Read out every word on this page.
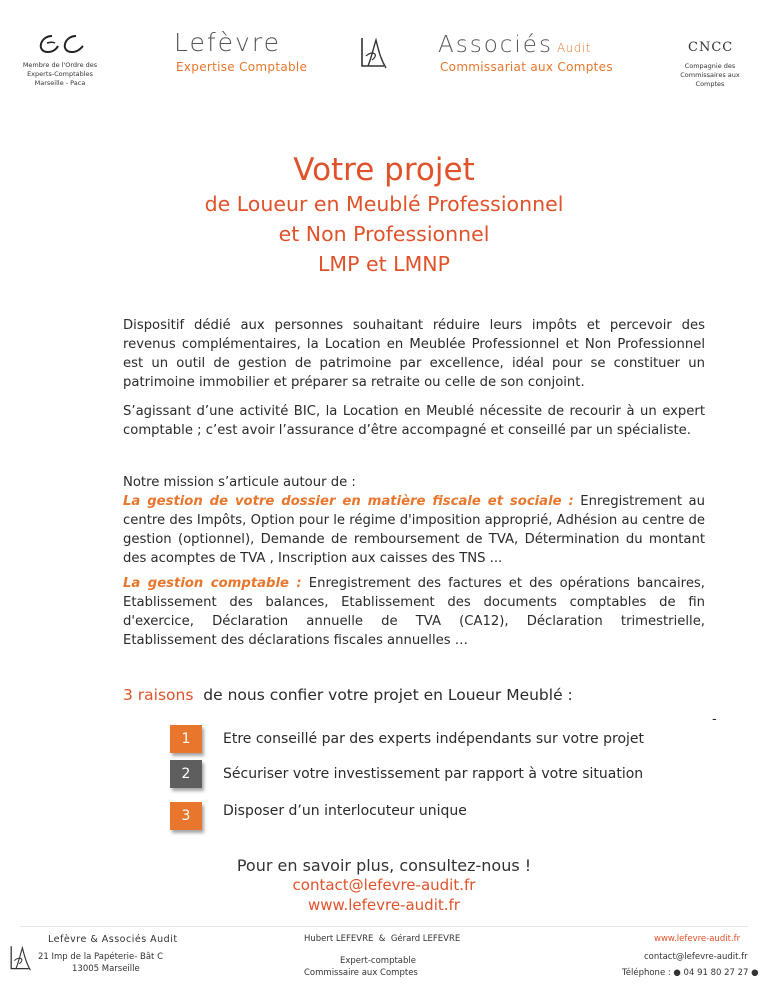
Membre de l'Ordre des
Experts-Comptables
Marseille - Paca
Lefèvre
Expertise Comptable
Associés Audit
Commissariat aux Comptes
CNCC
Compagnie des
Commissaires aux
Comptes
Votre projet
de Loueur en Meublé Professionnel
et Non Professionnel
LMP et LMNP
Dispositif dédié aux personnes souhaitant réduire leurs impôts et percevoir des revenus complémentaires, la Location en Meublée Professionnel et Non Professionnel est un outil de gestion de patrimoine par excellence, idéal pour se constituer un patrimoine immobilier et préparer sa retraite ou celle de son conjoint.
S’agissant d’une activité BIC, la Location en Meublé nécessite de recourir à un expert comptable ; c’est avoir l’assurance d’être accompagné et conseillé par un spécialiste.
Notre mission s’articule autour de :
La gestion de votre dossier en matière fiscale et sociale : Enregistrement au centre des Impôts, Option pour le régime d'imposition approprié, Adhésion au centre de gestion (optionnel), Demande de remboursement de TVA, Détermination du montant des acomptes de TVA , Inscription aux caisses des TNS ...
La gestion comptable : Enregistrement des factures et des opérations bancaires, Etablissement des balances, Etablissement des documents comptables de fin d'exercice, Déclaration annuelle de TVA (CA12), Déclaration trimestrielle, Etablissement des déclarations fiscales annuelles …
3 raisons  de nous confier votre projet en Loueur Meublé :
-
1	Etre conseillé par des experts indépendants sur votre projet
2	Sécuriser votre investissement par rapport à votre situation
3	Disposer d’un interlocuteur unique
Pour en savoir plus, consultez-nous !
contact@lefevre-audit.fr
www.lefevre-audit.fr
Lefèvre & Associés Audit
21 Imp de la Papéterie- Bât C
13005 Marseille
Hubert LEFEVRE  &  Gérard LEFEVRE
Expert-comptable
Commissaire aux Comptes
www.lefevre-audit.fr
contact@lefevre-audit.fr
Téléphone : ● 04 91 80 27 27 ●
